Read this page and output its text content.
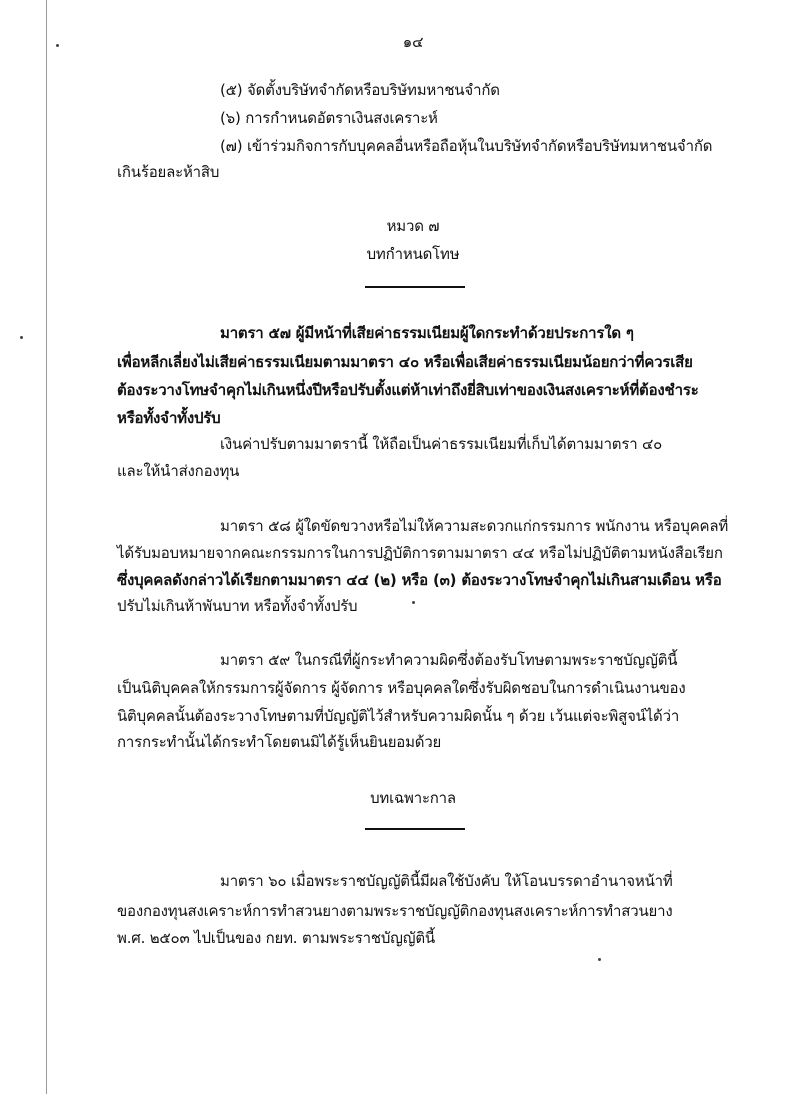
๑๔
(๕) จัดตั้งบริษัทจำกัดหรือบริษัทมหาชนจำกัด
(๖) การกำหนดอัตราเงินสงเคราะห์
(๗) เข้าร่วมกิจการกับบุคคลอื่นหรือถือหุ้นในบริษัทจำกัดหรือบริษัทมหาชนจำกัด
เกินร้อยละห้าสิบ
หมวด ๗
บทกำหนดโทษ
มาตรา ๕๗ ผู้มีหน้าที่เสียค่าธรรมเนียมผู้ใดกระทำด้วยประการใด ๆ
เพื่อหลีกเลี่ยงไม่เสียค่าธรรมเนียมตามมาตรา ๔๐ หรือเพื่อเสียค่าธรรมเนียมน้อยกว่าที่ควรเสีย
ต้องระวางโทษจำคุกไม่เกินหนึ่งปีหรือปรับตั้งแต่ห้าเท่าถึงยี่สิบเท่าของเงินสงเคราะห์ที่ต้องชำระ
หรือทั้งจำทั้งปรับ
เงินค่าปรับตามมาตรานี้ ให้ถือเป็นค่าธรรมเนียมที่เก็บได้ตามมาตรา ๔๐
และให้นำส่งกองทุน
มาตรา ๕๘ ผู้ใดขัดขวางหรือไม่ให้ความสะดวกแก่กรรมการ พนักงาน หรือบุคคลที่
ได้รับมอบหมายจากคณะกรรมการในการปฏิบัติการตามมาตรา ๔๔ หรือไม่ปฏิบัติตามหนังสือเรียก
ซึ่งบุคคลดังกล่าวได้เรียกตามมาตรา ๔๔ (๒) หรือ (๓) ต้องระวางโทษจำคุกไม่เกินสามเดือน หรือ
ปรับไม่เกินห้าพันบาท หรือทั้งจำทั้งปรับ
มาตรา ๕๙ ในกรณีที่ผู้กระทำความผิดซึ่งต้องรับโทษตามพระราชบัญญัตินี้
เป็นนิติบุคคลให้กรรมการผู้จัดการ ผู้จัดการ หรือบุคคลใดซึ่งรับผิดชอบในการดำเนินงานของ
นิติบุคคลนั้นต้องระวางโทษตามที่บัญญัติไว้สำหรับความผิดนั้น ๆ ด้วย เว้นแต่จะพิสูจน์ได้ว่า
การกระทำนั้นได้กระทำโดยตนมิได้รู้เห็นยินยอมด้วย
บทเฉพาะกาล
มาตรา ๖๐ เมื่อพระราชบัญญัตินี้มีผลใช้บังคับ ให้โอนบรรดาอำนาจหน้าที่
ของกองทุนสงเคราะห์การทำสวนยางตามพระราชบัญญัติกองทุนสงเคราะห์การทำสวนยาง
พ.ศ. ๒๕๐๓ ไปเป็นของ กยท. ตามพระราชบัญญัตินี้
